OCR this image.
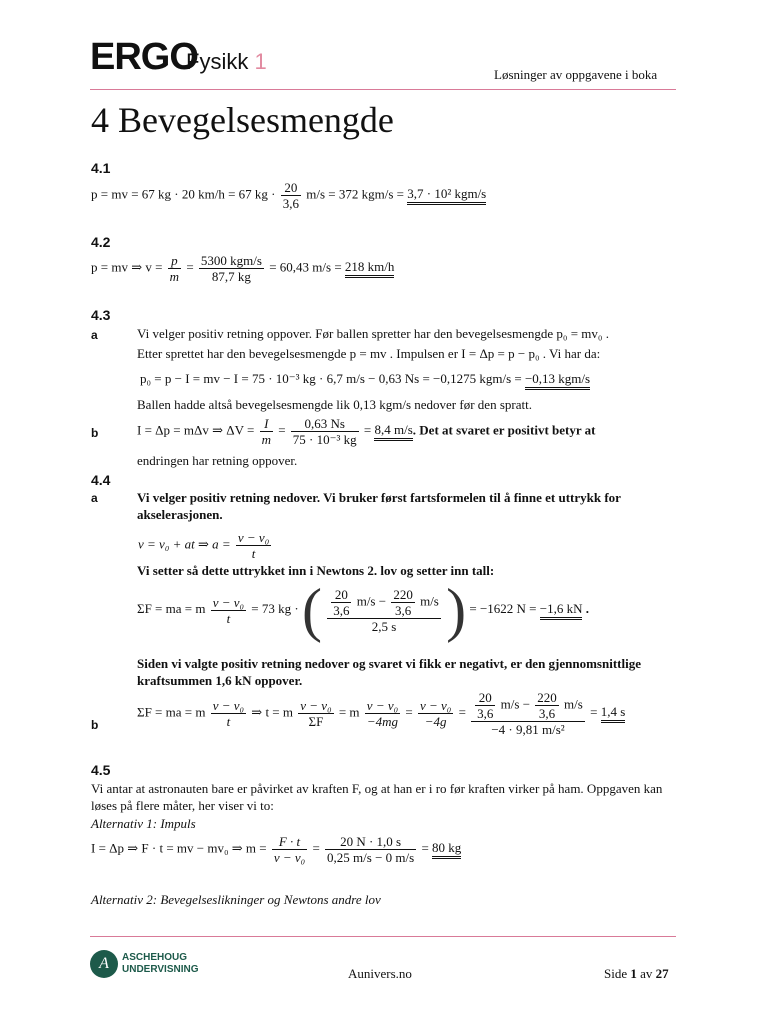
ERGO
Fysikk 1
Løsninger av oppgavene i boka
4 Bevegelsesmengde
4.1
p = mv = 67 kg · 20 km/h = 67 kg · $\frac{20}{3,6} m/s = 372$ kgm/s = 3,7 · 10² kgm/s
4.2
p = mv ⇒ $v = \frac{p}{m} = 5300$ kgm/s
87,7 kg
= 60,43 m/s = 218 km/h
4.3
a	Vi velger positiv retning oppover. Før ballen spretter har den bevegelsesmengde p₀ = mv₀ .
Etter sprettet har den bevegelsesmengde p = mv . Impulsen er I = Δp = p − p₀ . Vi har da:
p₀ = p − I = mv − I = 75 · 10⁻³ kg · 6,7 m/s − 0,63 Ns = −0,1275 kgm/s = −0,13 kgm/s
Ballen hadde altså bevegelsesmengde lik 0,13 kgm/s nedover før den spratt.
b	I = Δp = mΔv ⇒ $\Delta V = \frac{I}{m} = \frac{0,63 Ns}{\text{75 · 10⁻³ kg}} = 8,4$ m/s. Det at svaret er positivt betyr at
endringen har retning oppover.
4.4
a	Vi velger positiv retning nedover. Vi bruker først fartsformelen til å finne et uttrykk for akselerasjonen.
v = v₀ + at ⇒ $a = \frac{\text{v − v₀}}{t}$
Vi setter så dette uttrykket inn i Newtons 2. lov og setter inn tall:
ΣF = ma = m $\frac{\text{v − v₀}}{t} = 73$ kg · ( $\frac{\frac{20}{3,6} m/s - \frac{220}{3,6} m/s}{2,5 s}$ ) = −1622 N = −1,6 kN .
Siden vi valgte positiv retning nedover og svaret vi fikk er negativt, er den gjennomsnittlige kraftsummen 1,6 kN oppover.
b
ΣF = ma = m $\frac{\text{v − v₀}}{t}$ ⇒ t = m $\frac{\text{v − v₀}}{\Sigma F} = m \frac{\text{v − v₀}}{-4mg} = \frac{\text{v − v₀}}{-4g} = \frac{\frac{20}{3,6} m/s - \frac{220}{3,6} m/s}{\text{−4 · 9,81 m/s²}} = 1,4$ s
4.5
Vi antar at astronauten bare er påvirket av kraften F, og at han er i ro før kraften virker på ham. Oppgaven kan løses på flere måter, her viser vi to:
Alternativ 1: Impuls
I = Δp ⇒ F · t = mv − mv₀ ⇒ $m = \frac{F \cdot t}{\text{v − v₀}} = \frac{20 N \cdot 1,0 s}{0,25 m/s - 0 m/s} = 80$ kg
Alternativ 2: Bevegelseslikninger og Newtons andre lov
A	ASCHEHOUG
UNDERVISNING	Aunivers.no	Side 1 av 27
